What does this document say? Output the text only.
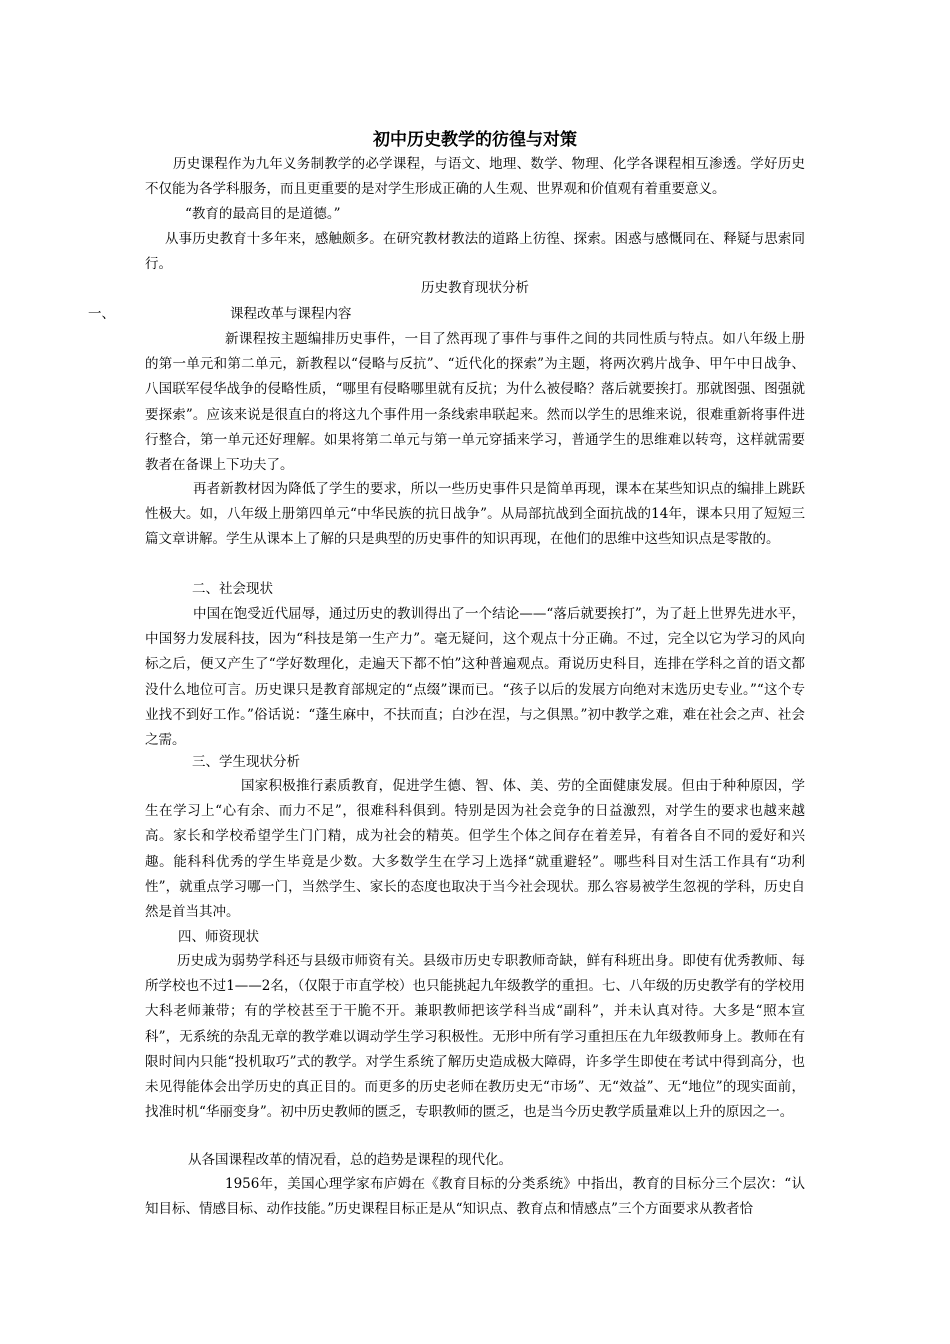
初中历史教学的彷徨与对策

历史课程作为九年义务制教学的必学课程，与语文、地理、数学、物理、化学各课程相互渗透。学好历史不仅能为各学科服务，而且更重要的是对学生形成正确的人生观、世界观和价值观有着重要意义。

“教育的最高目的是道德。”

从事历史教育十多年来，感触颇多。在研究教材教法的道路上彷徨、探索。困惑与感慨同在、释疑与思索同行。

历史教育现状分析

一、	课程改革与课程内容

新课程按主题编排历史事件，一目了然再现了事件与事件之间的共同性质与特点。如八年级上册的第一单元和第二单元，新教程以“侵略与反抗”、“近代化的探索”为主题，将两次鸦片战争、甲午中日战争、八国联军侵华战争的侵略性质，“哪里有侵略哪里就有反抗；为什么被侵略？落后就要挨打。那就图强、图强就要探索”。应该来说是很直白的将这九个事件用一条线索串联起来。然而以学生的思维来说，很难重新将事件进行整合，第一单元还好理解。如果将第二单元与第一单元穿插来学习，普通学生的思维难以转弯，这样就需要教者在备课上下功夫了。

再者新教材因为降低了学生的要求，所以一些历史事件只是简单再现，课本在某些知识点的编排上跳跃性极大。如，八年级上册第四单元“中华民族的抗日战争”。从局部抗战到全面抗战的14年，课本只用了短短三篇文章讲解。学生从课本上了解的只是典型的历史事件的知识再现，在他们的思维中这些知识点是零散的。

二、社会现状

中国在饱受近代屈辱，通过历史的教训得出了一个结论——“落后就要挨打”，为了赶上世界先进水平，中国努力发展科技，因为“科技是第一生产力”。毫无疑问，这个观点十分正确。不过，完全以它为学习的风向标之后，便又产生了“学好数理化，走遍天下都不怕”这种普遍观点。甭说历史科目，连排在学科之首的语文都没什么地位可言。历史课只是教育部规定的“点缀”课而已。“孩子以后的发展方向绝对末选历史专业。”“这个专业找不到好工作。”俗话说：“蓬生麻中，不扶而直；白沙在涅，与之俱黑。”初中教学之难，难在社会之声、社会之需。

三、学生现状分析

国家积极推行素质教育，促进学生德、智、体、美、劳的全面健康发展。但由于种种原因，学生在学习上“心有余、而力不足”，很难科科俱到。特别是因为社会竞争的日益激烈，对学生的要求也越来越高。家长和学校希望学生门门精，成为社会的精英。但学生个体之间存在着差异，有着各自不同的爱好和兴趣。能科科优秀的学生毕竟是少数。大多数学生在学习上选择“就重避轻”。哪些科目对生活工作具有“功利性”，就重点学习哪一门，当然学生、家长的态度也取决于当今社会现状。那么容易被学生忽视的学科，历史自然是首当其冲。

四、师资现状

历史成为弱势学科还与县级市师资有关。县级市历史专职教师奇缺，鲜有科班出身。即使有优秀教师、每所学校也不过1——2名，（仅限于市直学校）也只能挑起九年级教学的重担。七、八年级的历史教学有的学校用大科老师兼带；有的学校甚至于干脆不开。兼职教师把该学科当成“副科”，并未认真对待。大多是“照本宣科”，无系统的杂乱无章的教学难以调动学生学习积极性。无形中所有学习重担压在九年级教师身上。教师在有限时间内只能“投机取巧”式的教学。对学生系统了解历史造成极大障碍，许多学生即使在考试中得到高分，也未见得能体会出学历史的真正目的。而更多的历史老师在教历史无“市场”、无“效益”、无“地位”的现实面前，找准时机“华丽变身”。初中历史教师的匮乏，专职教师的匮乏，也是当今历史教学质量难以上升的原因之一。

从各国课程改革的情况看，总的趋势是课程的现代化。

1956年，美国心理学家布庐姆在《教育目标的分类系统》中指出，教育的目标分三个层次：“认知目标、情感目标、动作技能。”历史课程目标正是从“知识点、教育点和情感点”三个方面要求从教者恰
